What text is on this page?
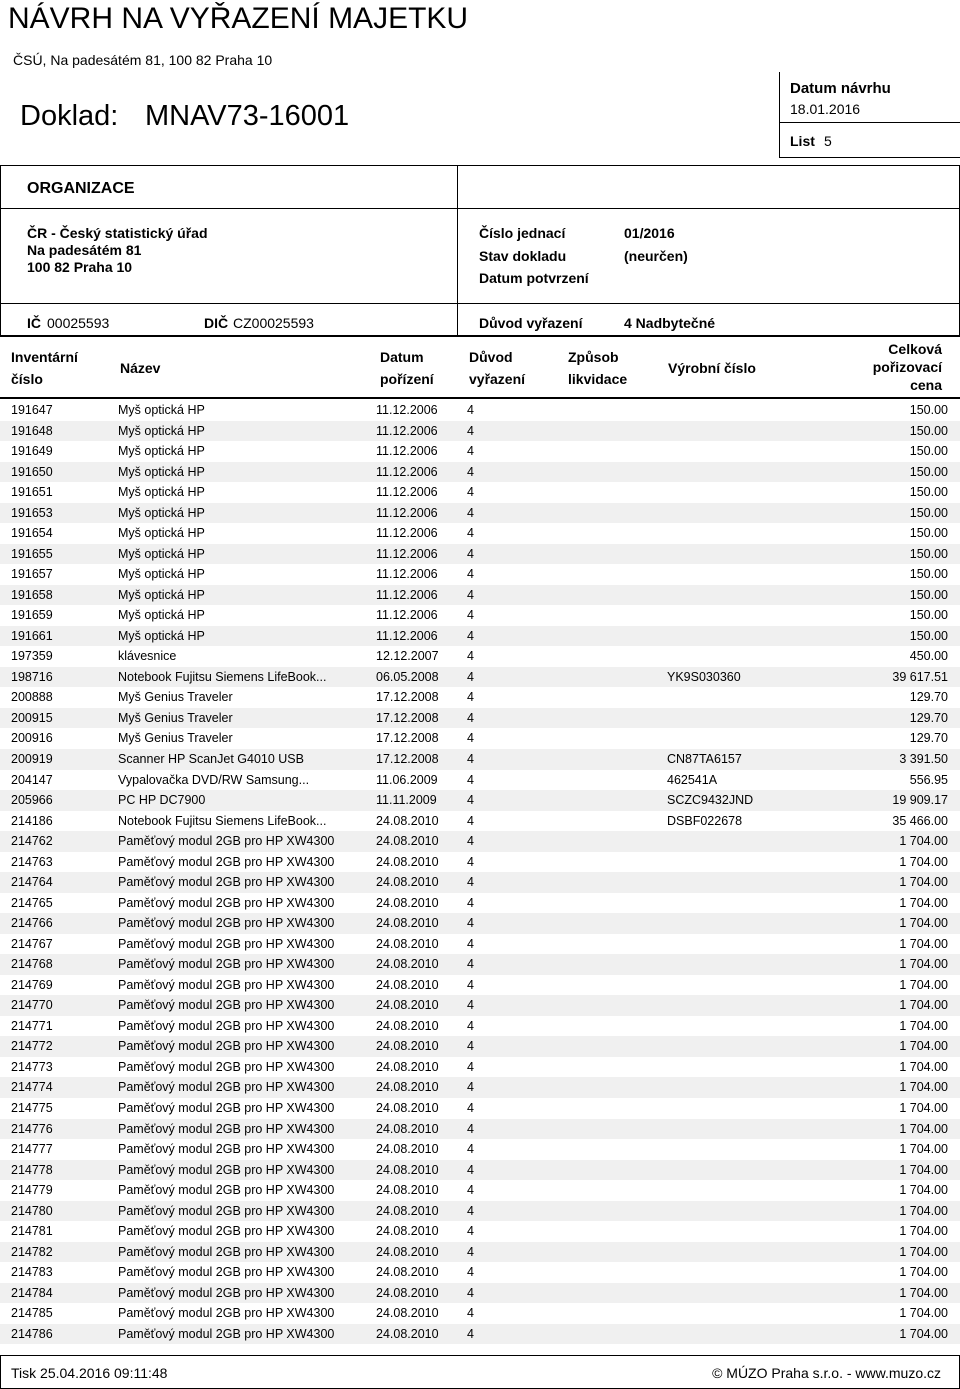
NÁVRH NA VYŘAZENÍ MAJETKU
ČSÚ, Na padesátém 81, 100 82 Praha 10
Doklad: MNAV73-16001
Datum návrhu
18.01.2016
List 5
ORGANIZACE
ČR - Český statistický úřad
Na padesátém 81
100 82 Praha 10
Číslo jednací	01/2016
Stav dokladu	(neurčen)
Datum potvrzení
IČ 00025593	DIČ CZ00025593	Důvod vyřazení	4 Nadbytečné
Inventární
číslo
Název
Datum
pořízení
Důvod
vyřazení
Způsob
likvidace
Výrobní číslo
Celková
pořizovací
cena
191647	Myš optická HP	11.12.2006 4	150.00
191648	Myš optická HP	11.12.2006 4	150.00
191649	Myš optická HP	11.12.2006 4	150.00
191650	Myš optická HP	11.12.2006 4	150.00
191651	Myš optická HP	11.12.2006 4	150.00
191653	Myš optická HP	11.12.2006 4	150.00
191654	Myš optická HP	11.12.2006 4	150.00
191655	Myš optická HP	11.12.2006 4	150.00
191657	Myš optická HP	11.12.2006 4	150.00
191658	Myš optická HP	11.12.2006 4	150.00
191659	Myš optická HP	11.12.2006 4	150.00
191661	Myš optická HP	11.12.2006 4	150.00
197359	klávesnice	12.12.2007 4	450.00
198716	Notebook Fujitsu Siemens LifeBook...	06.05.2008 4	YK9S030360	39 617.51
200888	Myš Genius Traveler	17.12.2008 4	129.70
200915	Myš Genius Traveler	17.12.2008 4	129.70
200916	Myš Genius Traveler	17.12.2008 4	129.70
200919	Scanner HP ScanJet G4010 USB	17.12.2008 4	CN87TA6157	3 391.50
204147	Vypalovačka DVD/RW Samsung...	11.06.2009 4	462541A	556.95
205966	PC HP DC7900	11.11.2009 4	SCZC9432JND	19 909.17
214186	Notebook Fujitsu Siemens LifeBook...	24.08.2010 4	DSBF022678	35 466.00
214762	Paměťový modul 2GB pro HP XW4300	24.08.2010 4	1 704.00
214763	Paměťový modul 2GB pro HP XW4300	24.08.2010 4	1 704.00
214764	Paměťový modul 2GB pro HP XW4300	24.08.2010 4	1 704.00
214765	Paměťový modul 2GB pro HP XW4300	24.08.2010 4	1 704.00
214766	Paměťový modul 2GB pro HP XW4300	24.08.2010 4	1 704.00
214767	Paměťový modul 2GB pro HP XW4300	24.08.2010 4	1 704.00
214768	Paměťový modul 2GB pro HP XW4300	24.08.2010 4	1 704.00
214769	Paměťový modul 2GB pro HP XW4300	24.08.2010 4	1 704.00
214770	Paměťový modul 2GB pro HP XW4300	24.08.2010 4	1 704.00
214771	Paměťový modul 2GB pro HP XW4300	24.08.2010 4	1 704.00
214772	Paměťový modul 2GB pro HP XW4300	24.08.2010 4	1 704.00
214773	Paměťový modul 2GB pro HP XW4300	24.08.2010 4	1 704.00
214774	Paměťový modul 2GB pro HP XW4300	24.08.2010 4	1 704.00
214775	Paměťový modul 2GB pro HP XW4300	24.08.2010 4	1 704.00
214776	Paměťový modul 2GB pro HP XW4300	24.08.2010 4	1 704.00
214777	Paměťový modul 2GB pro HP XW4300	24.08.2010 4	1 704.00
214778	Paměťový modul 2GB pro HP XW4300	24.08.2010 4	1 704.00
214779	Paměťový modul 2GB pro HP XW4300	24.08.2010 4	1 704.00
214780	Paměťový modul 2GB pro HP XW4300	24.08.2010 4	1 704.00
214781	Paměťový modul 2GB pro HP XW4300	24.08.2010 4	1 704.00
214782	Paměťový modul 2GB pro HP XW4300	24.08.2010 4	1 704.00
214783	Paměťový modul 2GB pro HP XW4300	24.08.2010 4	1 704.00
214784	Paměťový modul 2GB pro HP XW4300	24.08.2010 4	1 704.00
214785	Paměťový modul 2GB pro HP XW4300	24.08.2010 4	1 704.00
214786	Paměťový modul 2GB pro HP XW4300	24.08.2010 4	1 704.00
Tisk 25.04.2016 09:11:48	© MÚZO Praha s.r.o. - www.muzo.cz
